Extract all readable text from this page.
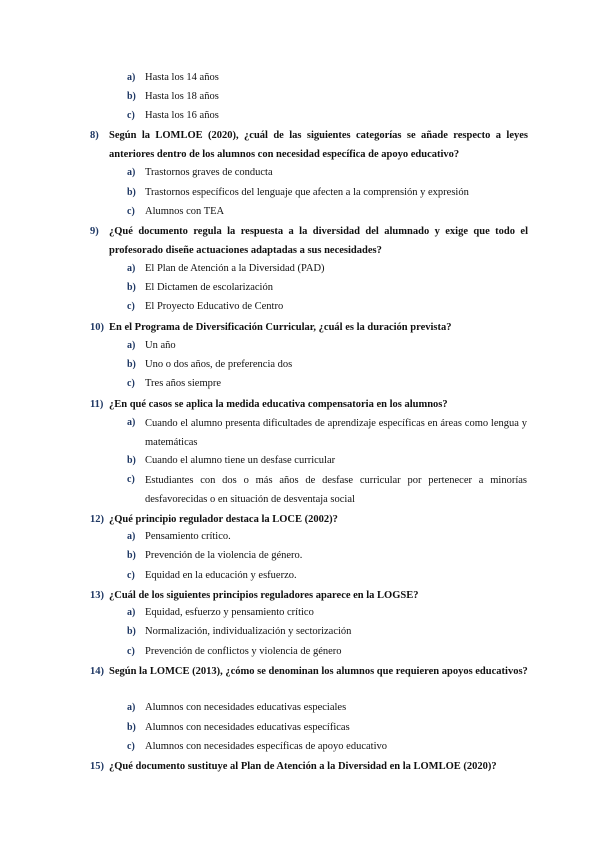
a) Hasta los 14 años
b) Hasta los 18 años
c) Hasta los 16 años
8) Según la LOMLOE (2020), ¿cuál de las siguientes categorías se añade respecto a leyes anteriores dentro de los alumnos con necesidad específica de apoyo educativo?
a) Trastornos graves de conducta
b) Trastornos específicos del lenguaje que afecten a la comprensión y expresión
c) Alumnos con TEA
9) ¿Qué documento regula la respuesta a la diversidad del alumnado y exige que todo el profesorado diseñe actuaciones adaptadas a sus necesidades?
a) El Plan de Atención a la Diversidad (PAD)
b) El Dictamen de escolarización
c) El Proyecto Educativo de Centro
10) En el Programa de Diversificación Curricular, ¿cuál es la duración prevista?
a) Un año
b) Uno o dos años, de preferencia dos
c) Tres años siempre
11) ¿En qué casos se aplica la medida educativa compensatoria en los alumnos?
a) Cuando el alumno presenta dificultades de aprendizaje específicas en áreas como lengua y matemáticas
b) Cuando el alumno tiene un desfase curricular
c) Estudiantes con dos o más años de desfase curricular por pertenecer a minorías desfavorecidas o en situación de desventaja social
12) ¿Qué principio regulador destaca la LOCE (2002)?
a) Pensamiento crítico.
b) Prevención de la violencia de género.
c) Equidad en la educación y esfuerzo.
13) ¿Cuál de los siguientes principios reguladores aparece en la LOGSE?
a) Equidad, esfuerzo y pensamiento crítico
b) Normalización, individualización y sectorización
c) Prevención de conflictos y violencia de género
14) Según la LOMCE (2013), ¿cómo se denominan los alumnos que requieren apoyos educativos?
a) Alumnos con necesidades educativas especiales
b) Alumnos con necesidades educativas específicas
c) Alumnos con necesidades específicas de apoyo educativo
15) ¿Qué documento sustituye al Plan de Atención a la Diversidad en la LOMLOE (2020)?
